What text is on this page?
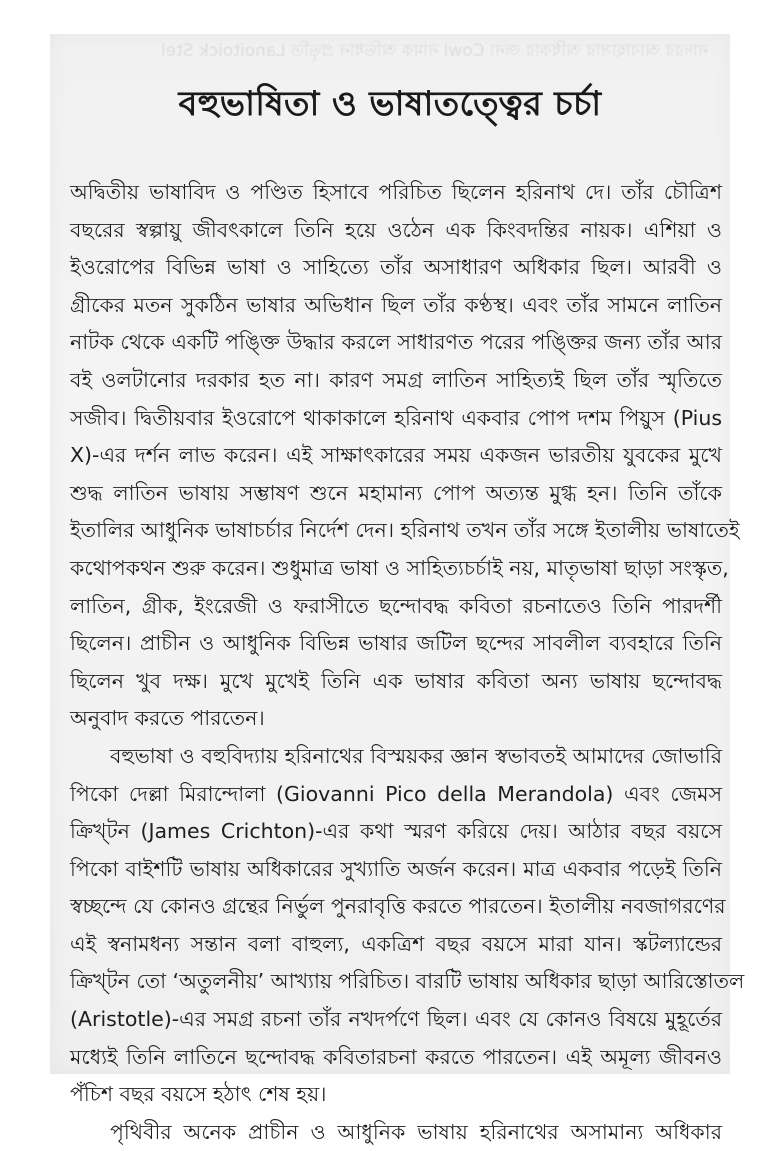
নাদরর আবাহাসার অধিকার জন্য Cowl নামক অভিধান প্রভৃতি Lanoitoick Stel
বহুভাষিতা ও ভাষাতত্ত্বের চর্চা
অদ্বিতীয় ভাষাবিদ ও পণ্ডিত হিসাবে পরিচিত ছিলেন হরিনাথ দে। তাঁর চৌত্রিশ
বছরের স্বল্পায়ু জীবৎকালে তিনি হয়ে ওঠেন এক কিংবদন্তির নায়ক। এশিয়া ও
ইওরোপের বিভিন্ন ভাষা ও সাহিত্যে তাঁর অসাধারণ অধিকার ছিল। আরবী ও
গ্রীকের মতন সুকঠিন ভাষার অভিধান ছিল তাঁর কণ্ঠস্থ। এবং তাঁর সামনে লাতিন
নাটক থেকে একটি পঙ্ক্তি উদ্ধার করলে সাধারণত পরের পঙ্ক্তির জন্য তাঁর আর
বই ওলটানোর দরকার হত না। কারণ সমগ্র লাতিন সাহিত্যই ছিল তাঁর স্মৃতিতে
সজীব। দ্বিতীয়বার ইওরোপে থাকাকালে হরিনাথ একবার পোপ দশম পিয়ুস (Pius
X)-এর দর্শন লাভ করেন। এই সাক্ষাৎকারের সময় একজন ভারতীয় যুবকের মুখে
শুদ্ধ লাতিন ভাষায় সম্ভাষণ শুনে মহামান্য পোপ অত্যন্ত মুগ্ধ হন। তিনি তাঁকে
ইতালির আধুনিক ভাষাচর্চার নির্দেশ দেন। হরিনাথ তখন তাঁর সঙ্গে ইতালীয় ভাষাতেই
কথোপকথন শুরু করেন। শুধুমাত্র ভাষা ও সাহিত্যচর্চাই নয়, মাতৃভাষা ছাড়া সংস্কৃত,
লাতিন, গ্রীক, ইংরেজী ও ফরাসীতে ছন্দোবদ্ধ কবিতা রচনাতেও তিনি পারদর্শী
ছিলেন। প্রাচীন ও আধুনিক বিভিন্ন ভাষার জটিল ছন্দের সাবলীল ব্যবহারে তিনি
ছিলেন খুব দক্ষ। মুখে মুখেই তিনি এক ভাষার কবিতা অন্য ভাষায় ছন্দোবদ্ধ
অনুবাদ করতে পারতেন।
বহুভাষা ও বহুবিদ্যায় হরিনাথের বিস্ময়কর জ্ঞান স্বভাবতই আমাদের জোভারি
পিকো দেল্লা মিরান্দোলা (Giovanni Pico della Merandola) এবং জেমস
ক্রিখ্টন (James Crichton)-এর কথা স্মরণ করিয়ে দেয়। আঠার বছর বয়সে
পিকো বাইশটি ভাষায় অধিকারের সুখ্যাতি অর্জন করেন। মাত্র একবার পড়েই তিনি
স্বচ্ছন্দে যে কোনও গ্রন্থের নির্ভুল পুনরাবৃত্তি করতে পারতেন। ইতালীয় নবজাগরণের
এই স্বনামধন্য সন্তান বলা বাহুল্য, একত্রিশ বছর বয়সে মারা যান। স্কটল্যান্ডের
ক্রিখ্টন তো ‘অতুলনীয়’ আখ্যায় পরিচিত। বারটি ভাষায় অধিকার ছাড়া আরিস্তোতল
(Aristotle)-এর সমগ্র রচনা তাঁর নখদর্পণে ছিল। এবং যে কোনও বিষয়ে মুহূর্তের
মধ্যেই তিনি লাতিনে ছন্দোবদ্ধ কবিতারচনা করতে পারতেন। এই অমূল্য জীবনও
পঁচিশ বছর বয়সে হঠাৎ শেষ হয়।
পৃথিবীর অনেক প্রাচীন ও আধুনিক ভাষায় হরিনাথের অসামান্য অধিকার
